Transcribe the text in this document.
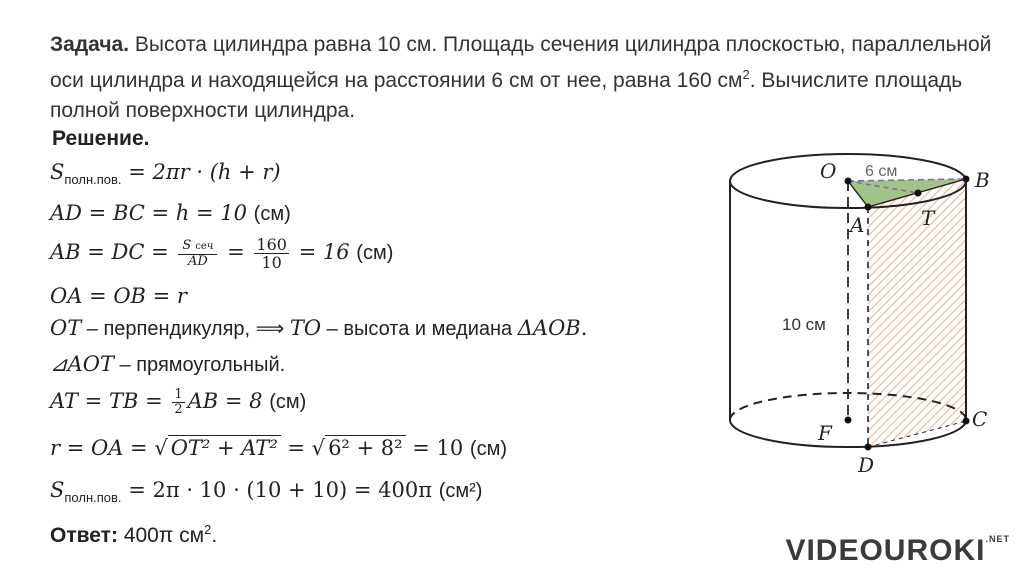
Задача. Высота цилиндра равна 10 см. Площадь сечения цилиндра плоскостью, параллельной оси цилиндра и находящейся на расстоянии 6 см от нее, равна 160 $см^2$. Вычислите площадь полной поверхности цилиндра.
Решение.
$S_{полн.пов.} = 2\pi r \cdot (h + r)$
AD = BC = h = 10 (см)
AB = DC = $\frac{\text{S сеч}}{AD} = \frac{160}{10} = 16$ (см)
OA = OB = r
OT – перпендикуляр, ⟹ TO – высота и медиана ΔAOB.
⊿AOT – прямоугольный.
AT = TB = $\frac{1}{2}$ AB = 8 (см)
r = OA = √ OT² + AT² = √ 6² + 8² = 10 (см)
$S_{полн.пов.} = 2\pi \cdot 10 \cdot (10 + 10) = 400\pi$ (см²)
Ответ: 400π $см^2$.
O	B
A	T
F
C
D
6 см
10 см
$VIDEOUROKI^{.NET}$
